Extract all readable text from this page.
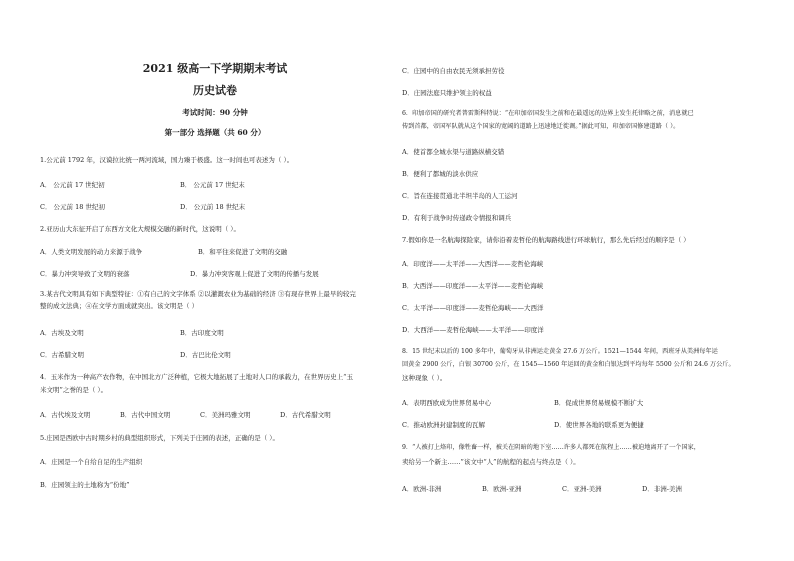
2021 级高一下学期期末考试
历史试卷
考试时间：90 分钟
第一部分 选择题（共 60 分）
1.公元前 1792 年，汉谟拉比统一两河流域，国力臻于极盛。这一时间也可表述为（ ）。
A． 公元前 17 世纪初	B． 公元前 17 世纪末
C． 公元前 18 世纪初	D． 公元前 18 世纪末
2.亚历山大东征开启了东西方文化大规模交融的新时代，这说明（ ）。
A．人类文明发展的动力来源于战争	B．和平往来促进了文明的交融
C．暴力冲突导致了文明的衰落	D．暴力冲突客观上促进了文明的传播与发展
3.某古代文明具有如下典型特征：①有自己的文字体系 ②以灌溉农业为基础的经济 ③有现存世界上最早的较完
整的成文法典；④在文学方面成就突出。该文明是（ ）
A．古埃及文明	B．古印度文明
C．古希腊文明	D．古巴比伦文明
4．玉米作为一种高产农作物，在中国北方广泛种植，它极大地拓展了土地对人口的承载力，在世界历史上“玉
米文明”之誉的是（ ）。
A．古代埃及文明	B．古代中国文明	C．美洲玛雅文明	D．古代希腊文明
5.庄园是西欧中古时期乡村的典型组织形式，下列关于庄园的表述，正确的是（ ）。
A．庄园是一个自给自足的生产组织
B．庄园领主的土地称为“份地”
C．庄园中的自由农民无须承担劳役
D．庄园法庭只维护领主的权益
6．印加帝国的研究者普雷斯科特说：“在印加帝国发生之前和在最遥远的边界上发生托律略之前，消息就已
传到首都，帝国军队就从这个国家的宽阔的道路上迅速地迁徙调。”据此可知，印加帝国修建道路（ ）。
A．使首都全城水渠与道路纵横交错
B．便利了都城的淡水供应
C．旨在连接贯通北半坦半岛的人工运河
D．有利于战争时传递政令情报和调兵
7.假如你是一名航海探险家，请你沿着麦哲伦的航海路线进行环球航行，那么先后经过的顺序是（ ）
A．印度洋——太平洋——大西洋——麦哲伦海峡
B．大西洋——印度洋——太平洋——麦哲伦海峡
C．太平洋——印度洋——麦哲伦海峡——大西洋
D．大西洋——麦哲伦海峡——太平洋——印度洋
8．15 世纪末以后的 100 多年中，葡萄牙从非洲运走黄金 27.6 万公斤。1521—1544 年间，西班牙从美洲每年运
回黄金 2900 公斤，白银 30700 公斤，在 1545—1560 年运回的黄金和白银达到平均每年 5500 公斤和 24.6 万公斤。
这种现象（ ）。
A．表明西欧成为世界贸易中心	B．促成世界贸易规模不断扩大
C．推动欧洲封建制度的瓦解	D．使世界各地的联系更为便捷
9．“人被打上烙印，像牲畜一样，被关在阴暗的地下室……许多人都死在航程上……被迫地离开了一个国家，
卖给另一个新主……”该文中“人”的航程的起点与终点是（ ）。
A．欧洲-非洲	B．欧洲-亚洲	C．亚洲-美洲	D．非洲-美洲
